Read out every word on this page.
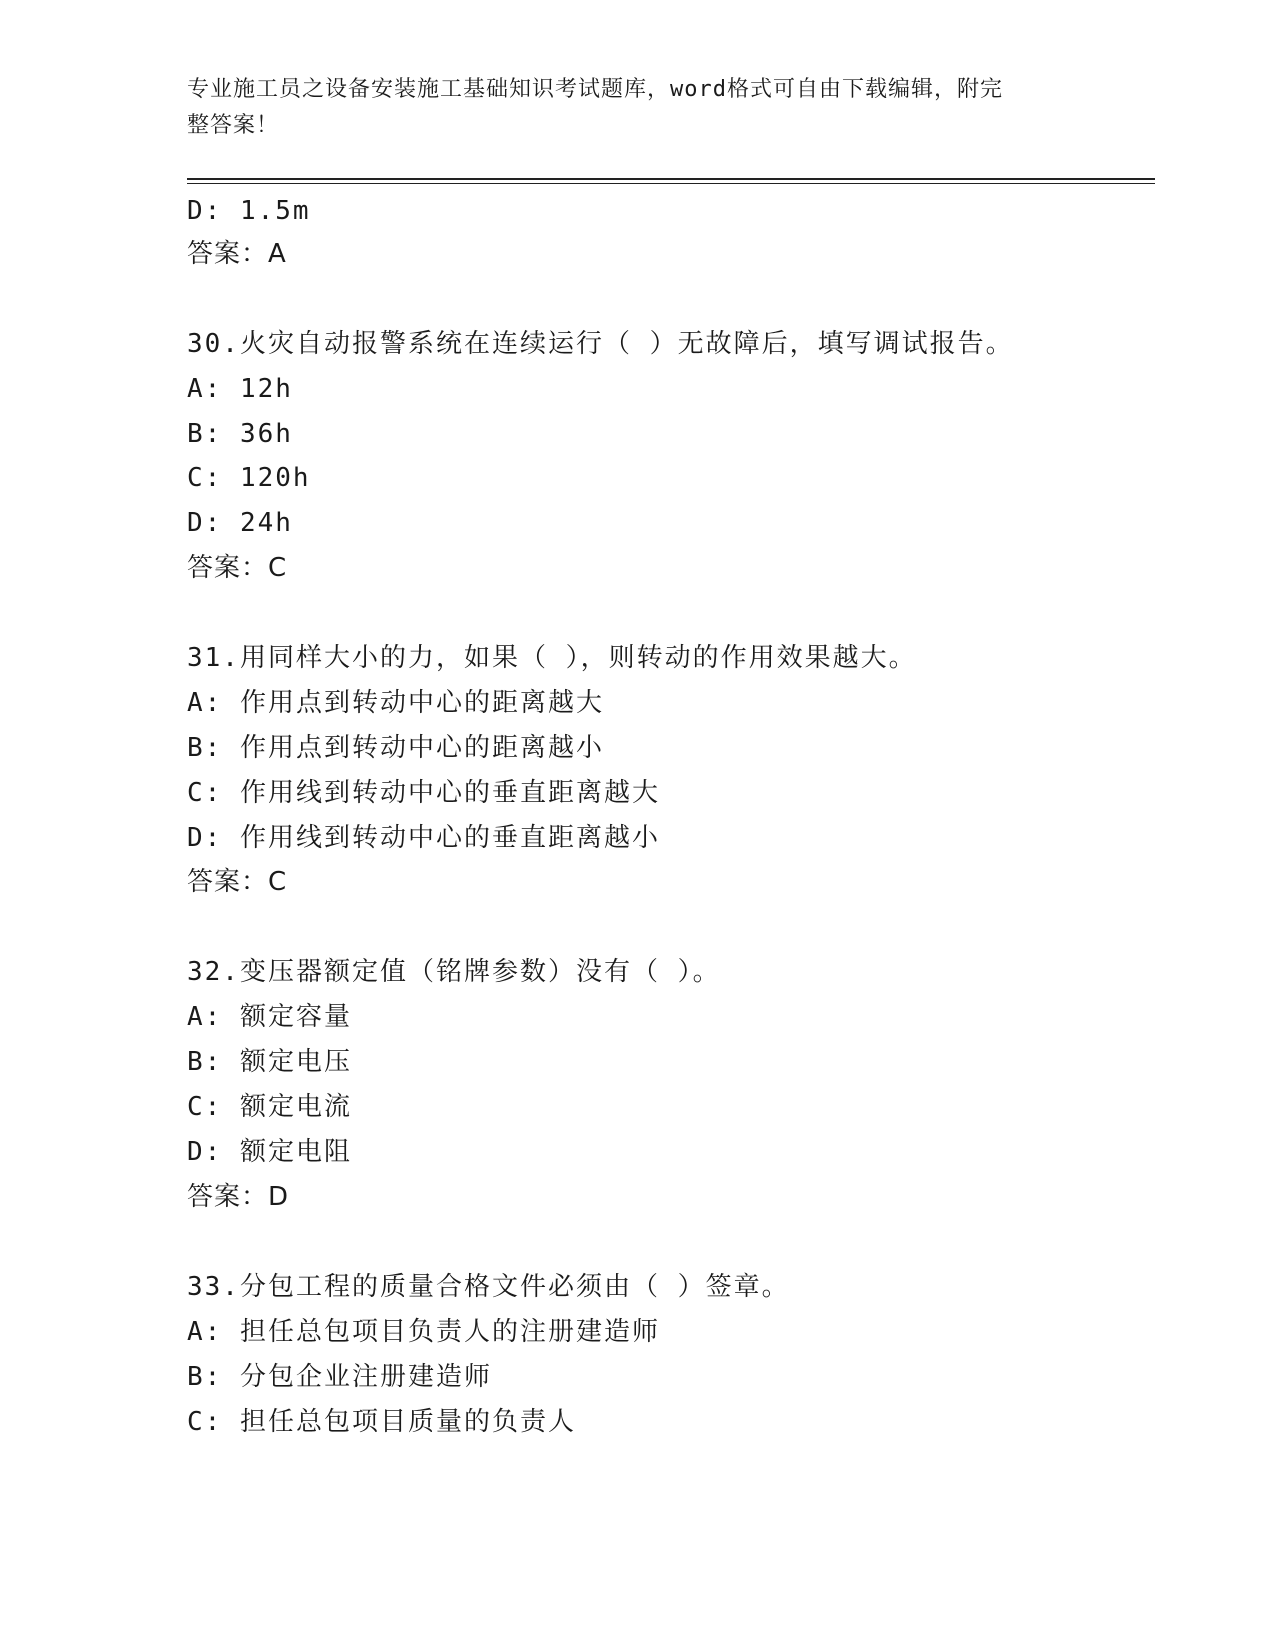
专业施工员之设备安装施工基础知识考试题库，word格式可自由下载编辑，附完
整答案！
D: 1.5m
答案：A
30.火灾自动报警系统在连续运行（ ）无故障后，填写调试报告。
A: 12h
B: 36h
C: 120h
D: 24h
答案：C
31.用同样大小的力，如果（ ），则转动的作用效果越大。
A: 作用点到转动中心的距离越大
B: 作用点到转动中心的距离越小
C: 作用线到转动中心的垂直距离越大
D: 作用线到转动中心的垂直距离越小
答案：C
32.变压器额定值（铭牌参数）没有（ ）。
A: 额定容量
B: 额定电压
C: 额定电流
D: 额定电阻
答案：D
33.分包工程的质量合格文件必须由（ ）签章。
A: 担任总包项目负责人的注册建造师
B: 分包企业注册建造师
C: 担任总包项目质量的负责人
